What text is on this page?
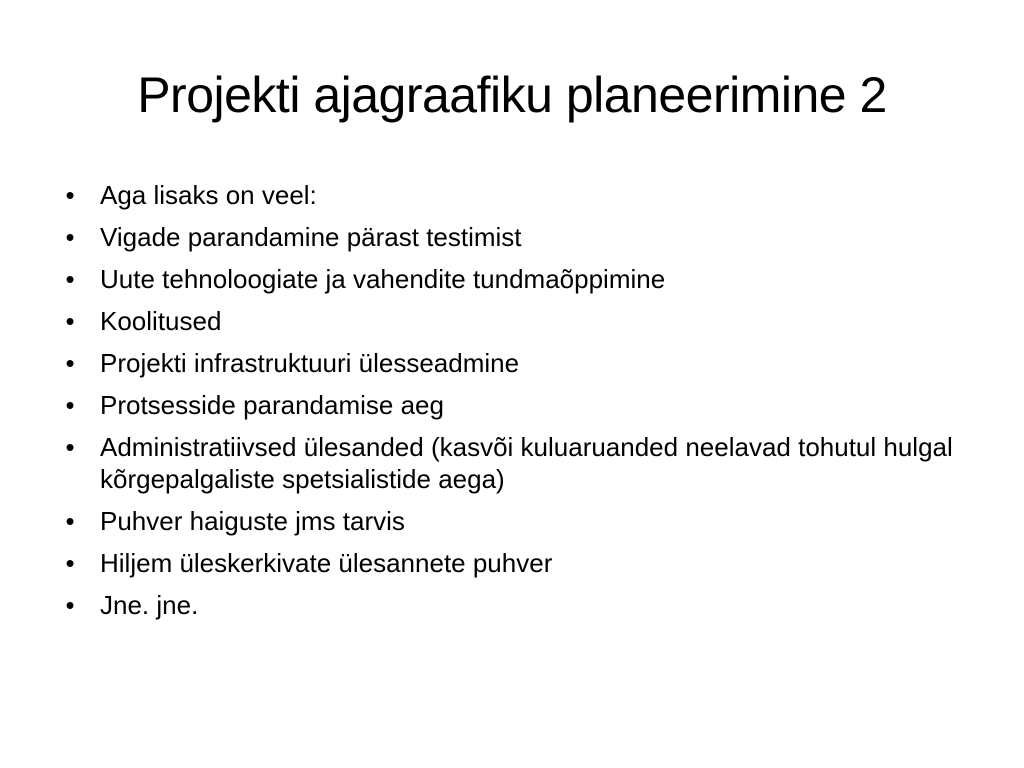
Projekti ajagraafiku planeerimine 2
• Aga lisaks on veel:
• Vigade parandamine pärast testimist
• Uute tehnoloogiate ja vahendite tundmaõppimine
• Koolitused
• Projekti infrastruktuuri ülesseadmine
• Protsesside parandamise aeg
• Administratiivsed ülesanded (kasvõi kuluaruanded neelavad tohutul hulgal kõrgepalgaliste spetsialistide aega)
• Puhver haiguste jms tarvis
• Hiljem üleskerkivate ülesannete puhver
• Jne. jne.
